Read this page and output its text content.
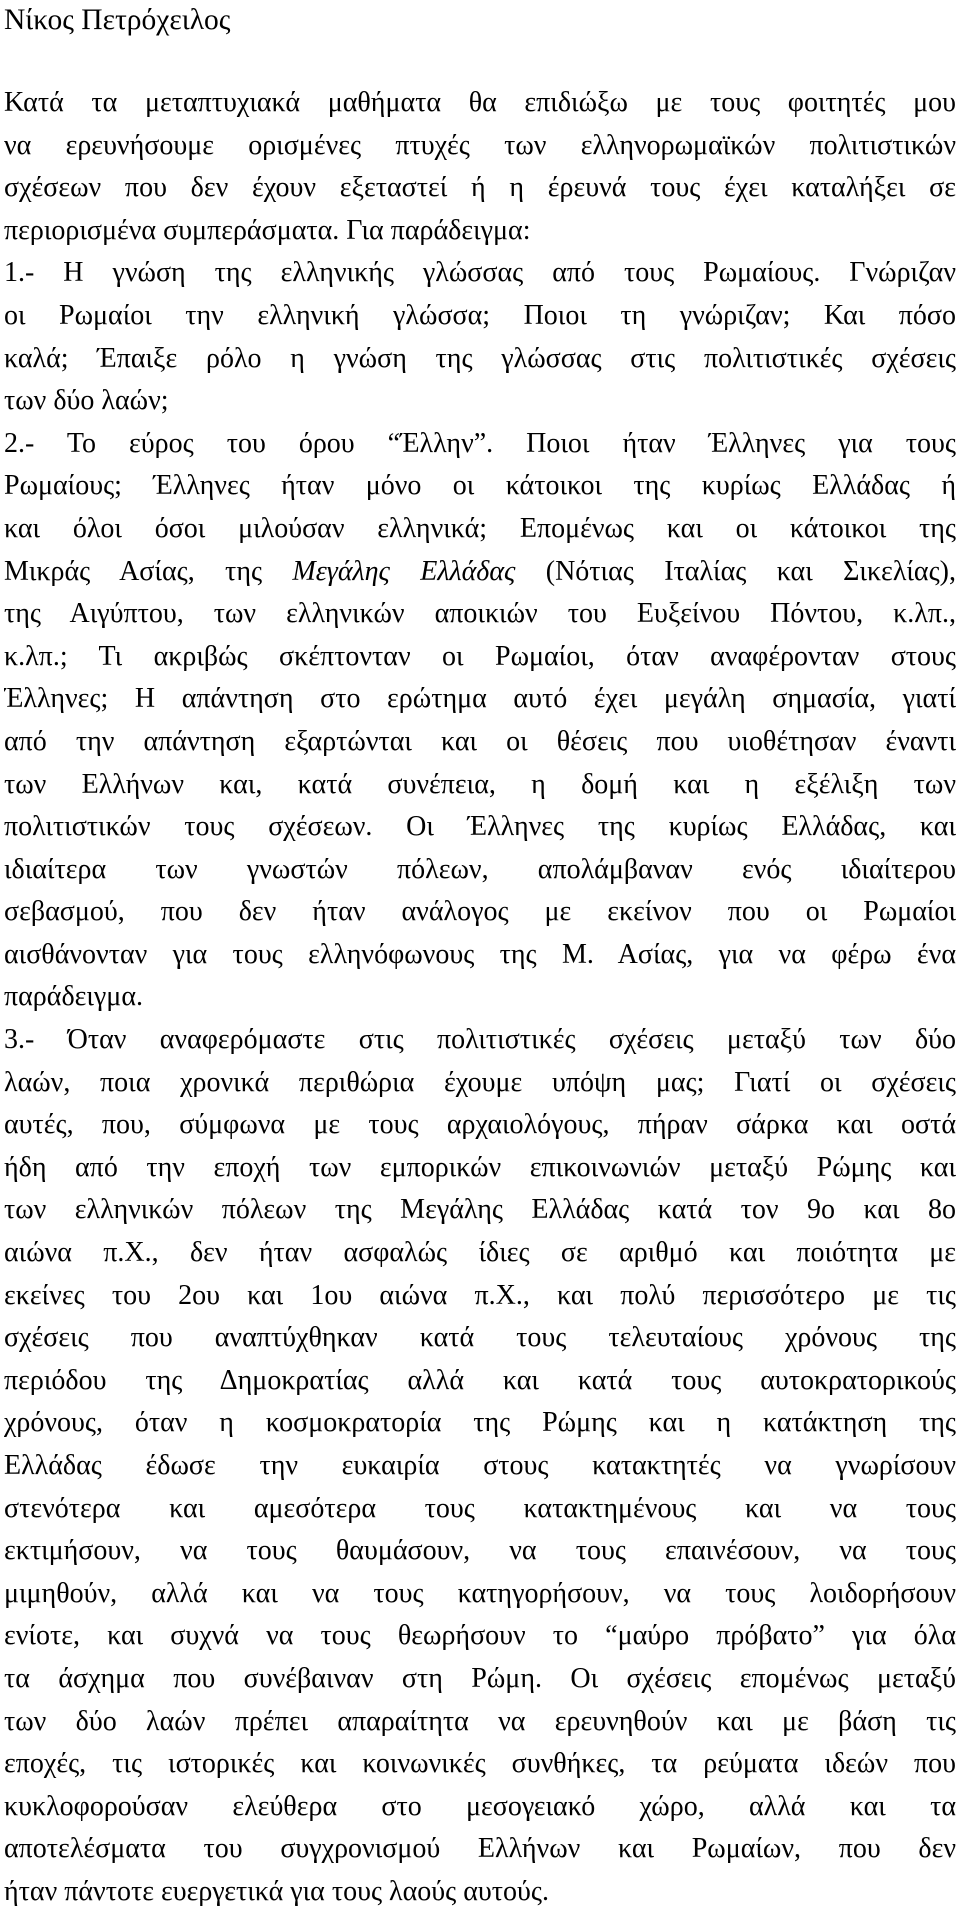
Νίκος Πετρόχειλος
Κατά τα μεταπτυχιακά μαθήματα θα επιδιώξω με τους φοιτητές μου
να ερευνήσουμε ορισμένες πτυχές των ελληνορωμαϊκών πολιτιστικών
σχέσεων που δεν έχουν εξεταστεί ή η έρευνά τους έχει καταλήξει σε
περιορισμένα συμπεράσματα. Για παράδειγμα:
1.- Η γνώση της ελληνικής γλώσσας από τους Ρωμαίους. Γνώριζαν
οι Ρωμαίοι την ελληνική γλώσσα; Ποιοι τη γνώριζαν; Και πόσο
καλά; Έπαιξε ρόλο η γνώση της γλώσσας στις πολιτιστικές σχέσεις
των δύο λαών;
2.- Το εύρος του όρου “Έλλην”. Ποιοι ήταν Έλληνες για τους
Ρωμαίους; Έλληνες ήταν μόνο οι κάτοικοι της κυρίως Ελλάδας ή
και όλοι όσοι μιλούσαν ελληνικά; Επομένως και οι κάτοικοι της
Μικράς Ασίας, της Μεγάλης Ελλάδας (Νότιας Ιταλίας και Σικελίας),
της Αιγύπτου, των ελληνικών αποικιών του Ευξείνου Πόντου, κ.λπ.,
κ.λπ.; Τι ακριβώς σκέπτονταν οι Ρωμαίοι, όταν αναφέρονταν στους
Έλληνες; Η απάντηση στο ερώτημα αυτό έχει μεγάλη σημασία, γιατί
από την απάντηση εξαρτώνται και οι θέσεις που υιοθέτησαν έναντι
των Ελλήνων και, κατά συνέπεια, η δομή και η εξέλιξη των
πολιτιστικών τους σχέσεων. Οι Έλληνες της κυρίως Ελλάδας, και
ιδιαίτερα των γνωστών πόλεων, απολάμβαναν ενός ιδιαίτερου
σεβασμού, που δεν ήταν ανάλογος με εκείνον που οι Ρωμαίοι
αισθάνονταν για τους ελληνόφωνους της Μ. Ασίας, για να φέρω ένα
παράδειγμα.
3.- Όταν αναφερόμαστε στις πολιτιστικές σχέσεις μεταξύ των δύο
λαών, ποια χρονικά περιθώρια έχουμε υπόψη μας; Γιατί οι σχέσεις
αυτές, που, σύμφωνα με τους αρχαιολόγους, πήραν σάρκα και οστά
ήδη από την εποχή των εμπορικών επικοινωνιών μεταξύ Ρώμης και
των ελληνικών πόλεων της Μεγάλης Ελλάδας κατά τον 9ο και 8ο
αιώνα π.Χ., δεν ήταν ασφαλώς ίδιες σε αριθμό και ποιότητα με
εκείνες του 2ου και 1ου αιώνα π.Χ., και πολύ περισσότερο με τις
σχέσεις που αναπτύχθηκαν κατά τους τελευταίους χρόνους της
περιόδου της Δημοκρατίας αλλά και κατά τους αυτοκρατορικούς
χρόνους, όταν η κοσμοκρατορία της Ρώμης και η κατάκτηση της
Ελλάδας έδωσε την ευκαιρία στους κατακτητές να γνωρίσουν
στενότερα και αμεσότερα τους κατακτημένους και να τους
εκτιμήσουν, να τους θαυμάσουν, να τους επαινέσουν, να τους
μιμηθούν, αλλά και να τους κατηγορήσουν, να τους λοιδορήσουν
ενίοτε, και συχνά να τους θεωρήσουν το “μαύρο πρόβατο” για όλα
τα άσχημα που συνέβαιναν στη Ρώμη. Οι σχέσεις επομένως μεταξύ
των δύο λαών πρέπει απαραίτητα να ερευνηθούν και με βάση τις
εποχές, τις ιστορικές και κοινωνικές συνθήκες, τα ρεύματα ιδεών που
κυκλοφορούσαν ελεύθερα στο μεσογειακό χώρο, αλλά και τα
αποτελέσματα του συγχρονισμού Ελλήνων και Ρωμαίων, που δεν
ήταν πάντοτε ευεργετικά για τους λαούς αυτούς.
